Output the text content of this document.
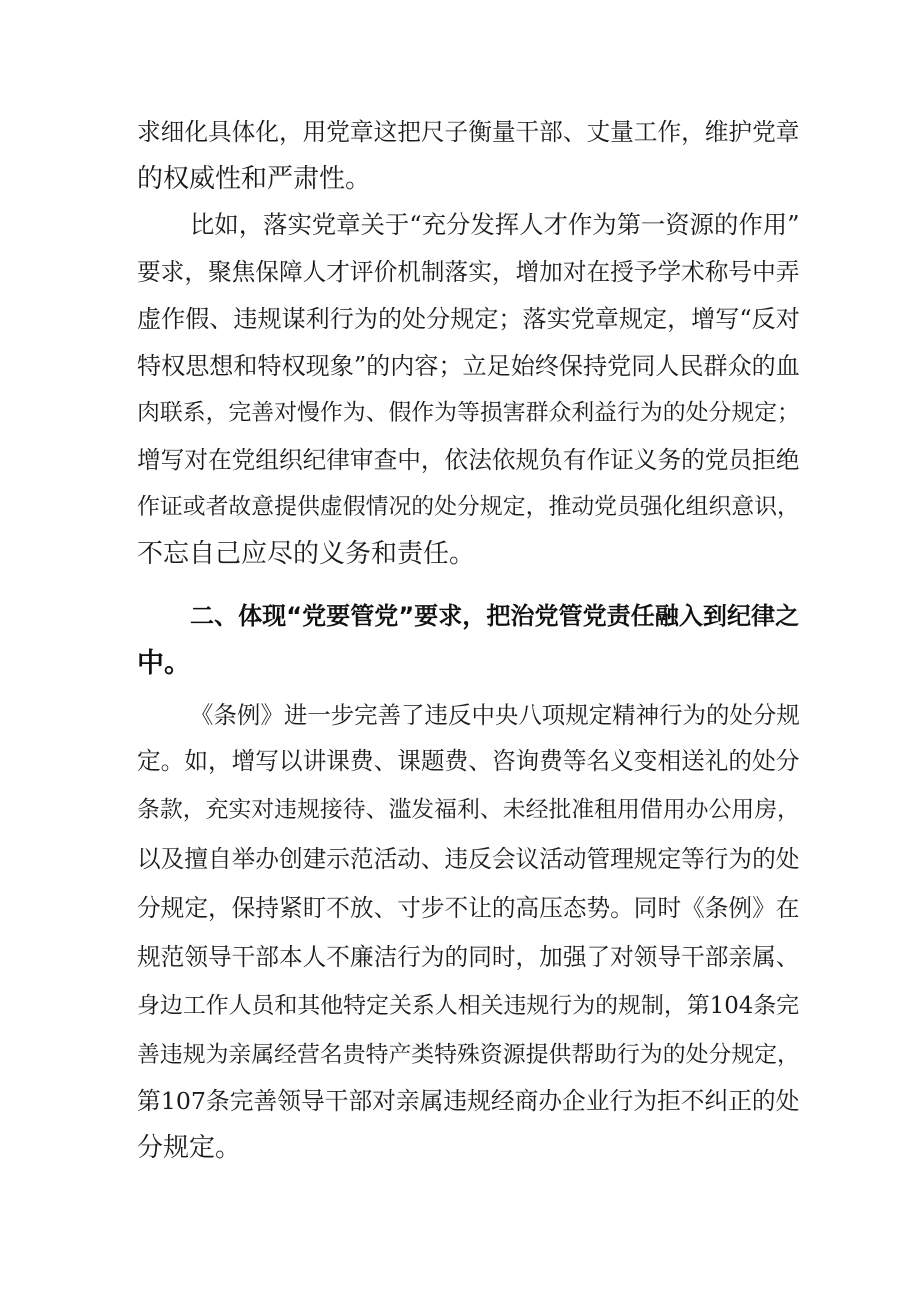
求细化具体化，用党章这把尺子衡量干部、丈量工作，维护党章
的权威性和严肃性。
比如，落实党章关于“充分发挥人才作为第一资源的作用”
要求，聚焦保障人才评价机制落实，增加对在授予学术称号中弄
虚作假、违规谋利行为的处分规定；落实党章规定，增写“反对
特权思想和特权现象”的内容；立足始终保持党同人民群众的血
肉联系，完善对慢作为、假作为等损害群众利益行为的处分规定；
增写对在党组织纪律审查中，依法依规负有作证义务的党员拒绝
作证或者故意提供虚假情况的处分规定，推动党员强化组织意识，
不忘自己应尽的义务和责任。
二、体现“党要管党”要求，把治党管党责任融入到纪律之
中。
《条例》进一步完善了违反中央八项规定精神行为的处分规
定。如，增写以讲课费、课题费、咨询费等名义变相送礼的处分
条款，充实对违规接待、滥发福利、未经批准租用借用办公用房，
以及擅自举办创建示范活动、违反会议活动管理规定等行为的处
分规定，保持紧盯不放、寸步不让的高压态势。同时《条例》在
规范领导干部本人不廉洁行为的同时，加强了对领导干部亲属、
身边工作人员和其他特定关系人相关违规行为的规制，第104条完
善违规为亲属经营名贵特产类特殊资源提供帮助行为的处分规定，
第107条完善领导干部对亲属违规经商办企业行为拒不纠正的处
分规定。
